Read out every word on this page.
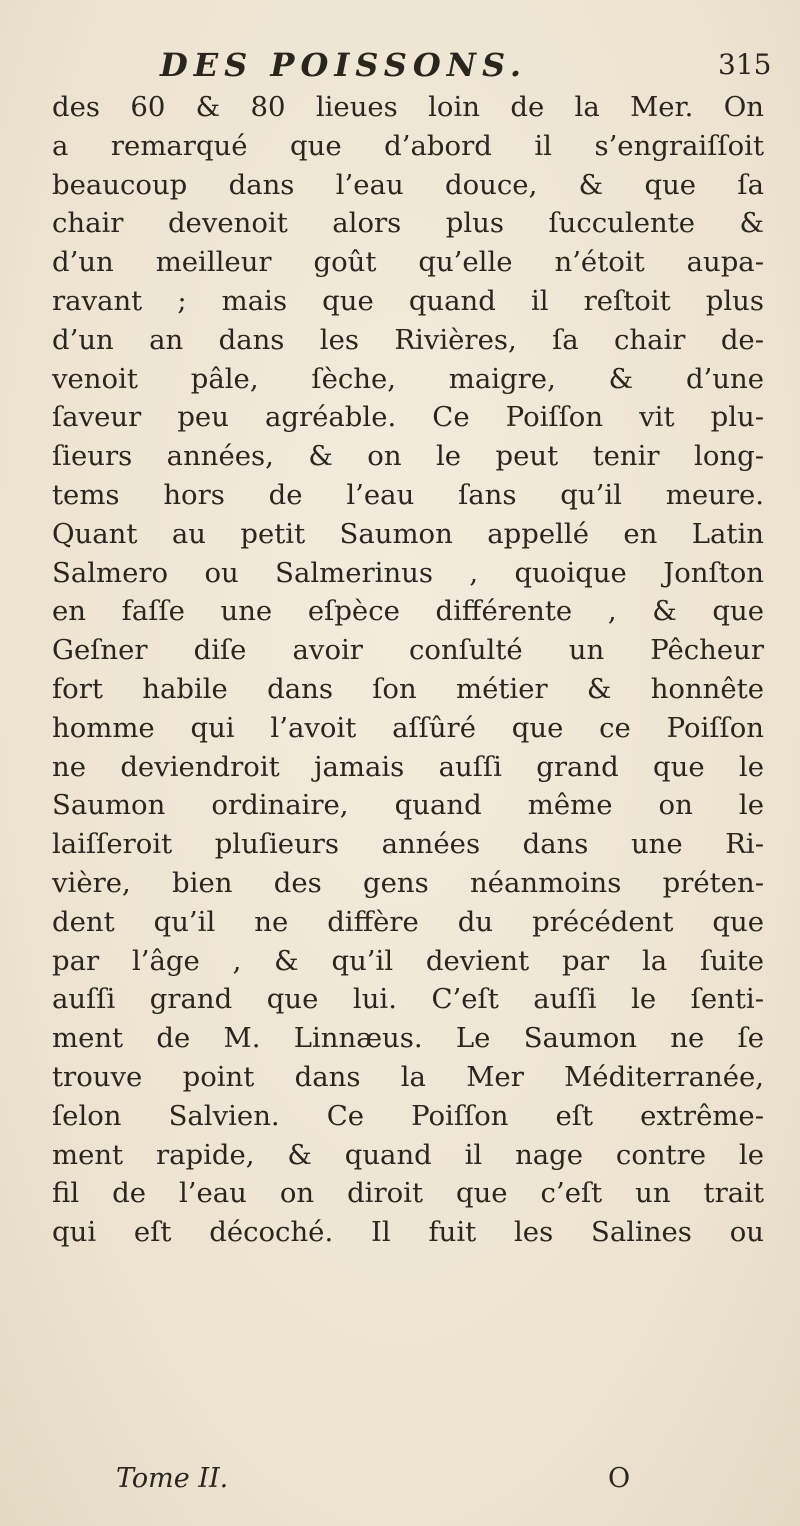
DES POISSONS.	315
des 60 & 80 lieues loin de la Mer. On
a remarqué que d’abord il s’engraiſſoit
beaucoup dans l’eau douce, & que ſa
chair devenoit alors plus ſucculente &
d’un meilleur goût qu’elle n’étoit aupa-
ravant ; mais que quand il reſtoit plus
d’un an dans les Rivières, ſa chair de-
venoit pâle, ſèche, maigre, & d’une
ſaveur peu agréable. Ce Poiſſon vit plu-
ſieurs années, & on le peut tenir long-
tems hors de l’eau ſans qu’il meure.
Quant au petit Saumon appellé en Latin
Salmero ou Salmerinus , quoique Jonſton
en faſſe une eſpèce différente , & que
Geſner diſe avoir conſulté un Pêcheur
fort habile dans ſon métier & honnête
homme qui l’avoit aſſûré que ce Poiſſon
ne deviendroit jamais auſſi grand que le
Saumon ordinaire, quand même on le
laiſſeroit pluſieurs années dans une Ri-
vière, bien des gens néanmoins préten-
dent qu’il ne diffère du précédent que
par l’âge , & qu’il devient par la ſuite
auſſi grand que lui. C’eſt auſſi le ſenti-
ment de M. Linnæus. Le Saumon ne ſe
trouve point dans la Mer Méditerranée,
ſelon Salvien. Ce Poiſſon eſt extrême-
ment rapide, & quand il nage contre le
fil de l’eau on diroit que c’eſt un trait
qui eſt décoché. Il fuit les Salines ou
Tome II.	O
